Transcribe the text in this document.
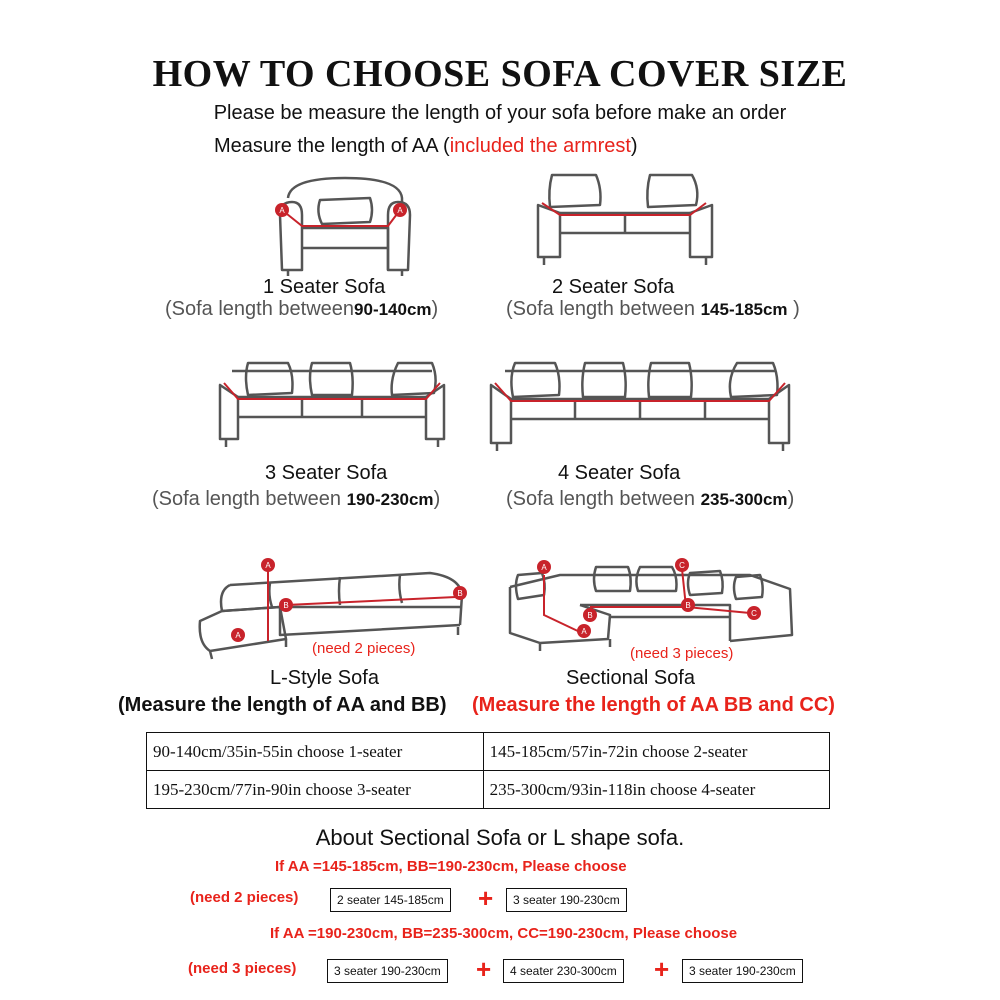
HOW TO CHOOSE SOFA COVER SIZE
Please be measure the length of your sofa before make an order
Measure the length of AA (included the armrest)
A	A
1 Seater Sofa
(Sofa length between90-140cm)
2 Seater Sofa
(Sofa length between 145-185cm )
3 Seater Sofa
(Sofa length between 190-230cm)
4 Seater Sofa
(Sofa length between 235-300cm)
A
A
B
B
A
A
B
B
C
C
(need 2 pieces)	(need 3 pieces)
L-Style Sofa	Sectional Sofa
(Measure the length of AA and BB) (Measure the length of AA BB and CC)
90-140cm/35in-55in choose 1-seater	145-185cm/57in-72in choose 2-seater
195-230cm/77in-90in choose 3-seater	235-300cm/93in-118in choose 4-seater
About Sectional Sofa or L shape sofa.
If AA =145-185cm, BB=190-230cm, Please choose
(need 2 pieces)	2 seater 145-185cm +	3 seater 190-230cm
If AA =190-230cm, BB=235-300cm, CC=190-230cm, Please choose
(need 3 pieces)	3 seater 190-230cm +	4 seater 230-300cm +	3 seater 190-230cm
